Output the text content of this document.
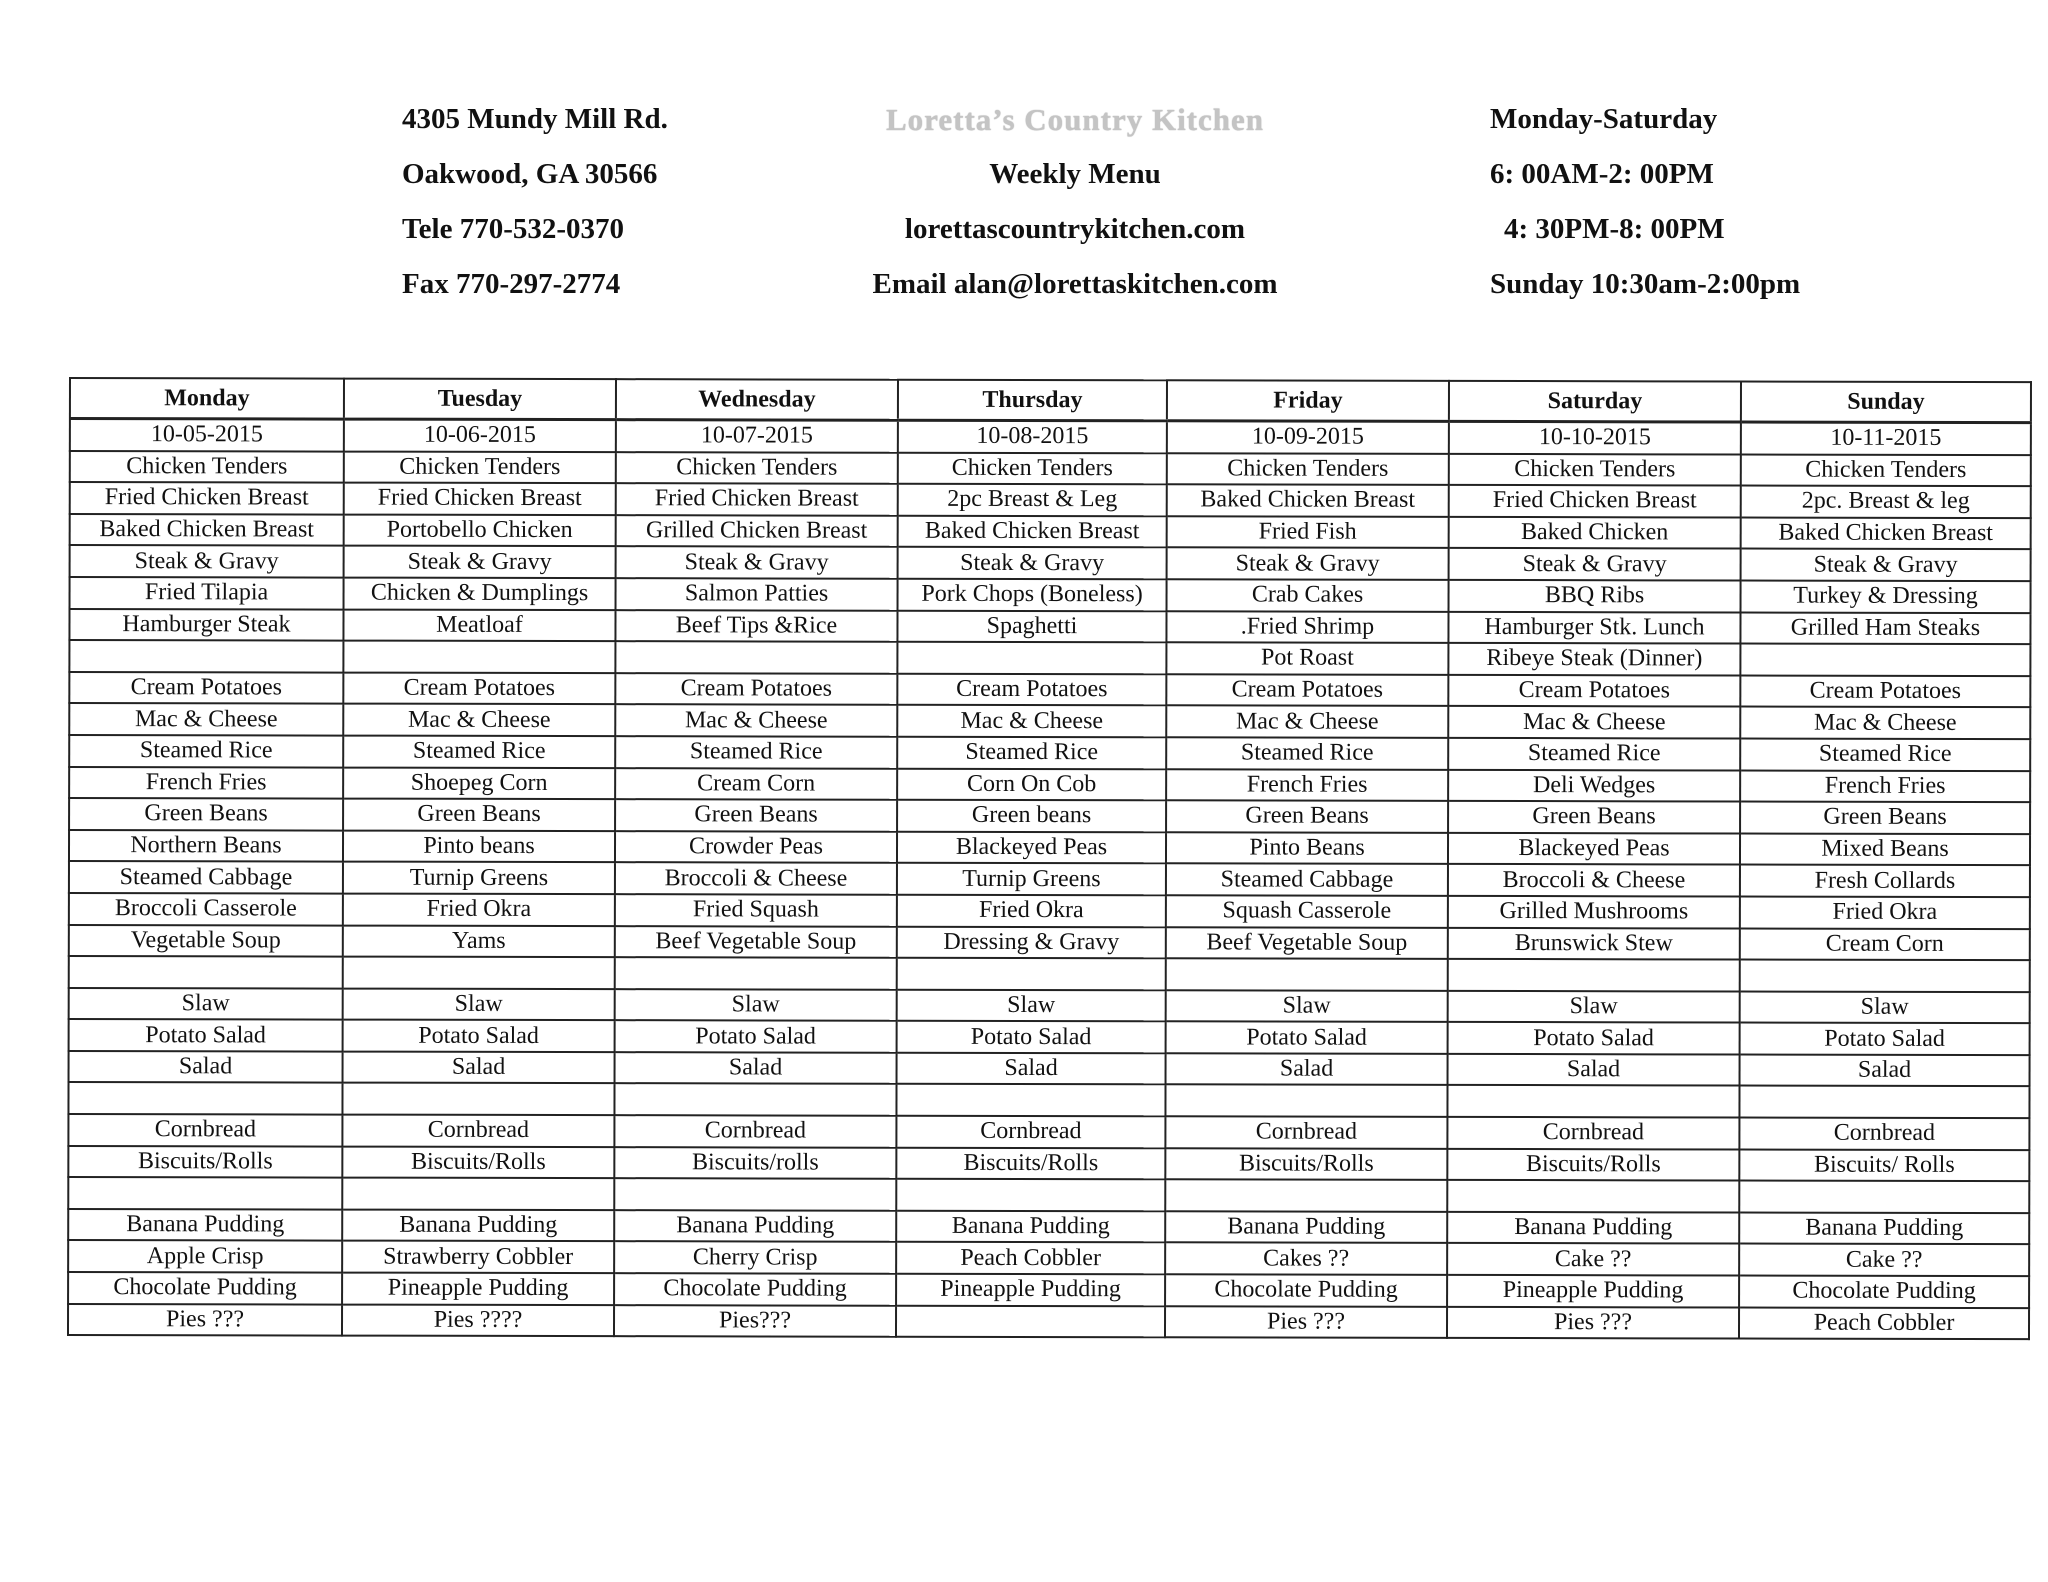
4305 Mundy Mill Rd.
Oakwood, GA 30566
Tele 770-532-0370
Fax 770-297-2774
Loretta’s Country Kitchen
Weekly Menu
lorettascountrykitchen.com
Email alan@lorettaskitchen.com
Monday-Saturday
6: 00AM-2: 00PM
4: 30PM-8: 00PM
Sunday 10:30am-2:00pm
Monday	Tuesday	Wednesday	Thursday	Friday	Saturday	Sunday
10-05-2015	10-06-2015	10-07-2015	10-08-2015	10-09-2015	10-10-2015	10-11-2015
Chicken Tenders	Chicken Tenders	Chicken Tenders	Chicken Tenders	Chicken Tenders	Chicken Tenders	Chicken Tenders
Fried Chicken Breast	Fried Chicken Breast	Fried Chicken Breast	2pc Breast & Leg	Baked Chicken Breast	Fried Chicken Breast	2pc. Breast & leg
Baked Chicken Breast	Portobello Chicken	Grilled Chicken Breast	Baked Chicken Breast	Fried Fish	Baked Chicken	Baked Chicken Breast
Steak & Gravy	Steak & Gravy	Steak & Gravy	Steak & Gravy	Steak & Gravy	Steak & Gravy	Steak & Gravy
Fried Tilapia	Chicken & Dumplings	Salmon Patties	Pork Chops (Boneless)	Crab Cakes	BBQ Ribs	Turkey & Dressing
Hamburger Steak	Meatloaf	Beef Tips &Rice	Spaghetti	.Fried Shrimp	Hamburger Stk. Lunch	Grilled Ham Steaks
				Pot Roast	Ribeye Steak (Dinner)	
Cream Potatoes	Cream Potatoes	Cream Potatoes	Cream Potatoes	Cream Potatoes	Cream Potatoes	Cream Potatoes
Mac & Cheese	Mac & Cheese	Mac & Cheese	Mac & Cheese	Mac & Cheese	Mac & Cheese	Mac & Cheese
Steamed Rice	Steamed Rice	Steamed Rice	Steamed Rice	Steamed Rice	Steamed Rice	Steamed Rice
French Fries	Shoepeg Corn	Cream Corn	Corn On Cob	French Fries	Deli Wedges	French Fries
Green Beans	Green Beans	Green Beans	Green beans	Green Beans	Green Beans	Green Beans
Northern Beans	Pinto beans	Crowder Peas	Blackeyed Peas	Pinto Beans	Blackeyed Peas	Mixed Beans
Steamed Cabbage	Turnip Greens	Broccoli & Cheese	Turnip Greens	Steamed Cabbage	Broccoli & Cheese	Fresh Collards
Broccoli Casserole	Fried Okra	Fried Squash	Fried Okra	Squash Casserole	Grilled Mushrooms	Fried Okra
Vegetable Soup	Yams	Beef Vegetable Soup	Dressing & Gravy	Beef Vegetable Soup	Brunswick Stew	Cream Corn

Slaw	Slaw	Slaw	Slaw	Slaw	Slaw	Slaw
Potato Salad	Potato Salad	Potato Salad	Potato Salad	Potato Salad	Potato Salad	Potato Salad
Salad	Salad	Salad	Salad	Salad	Salad	Salad

Cornbread	Cornbread	Cornbread	Cornbread	Cornbread	Cornbread	Cornbread
Biscuits/Rolls	Biscuits/Rolls	Biscuits/rolls	Biscuits/Rolls	Biscuits/Rolls	Biscuits/Rolls	Biscuits/ Rolls

Banana Pudding	Banana Pudding	Banana Pudding	Banana Pudding	Banana Pudding	Banana Pudding	Banana Pudding
Apple Crisp	Strawberry Cobbler	Cherry Crisp	Peach Cobbler	Cakes ??	Cake ??	Cake ??
Chocolate Pudding	Pineapple Pudding	Chocolate Pudding	Pineapple Pudding	Chocolate Pudding	Pineapple Pudding	Chocolate Pudding
Pies ???	Pies ????	Pies???		Pies ???	Pies ???	Peach Cobbler
